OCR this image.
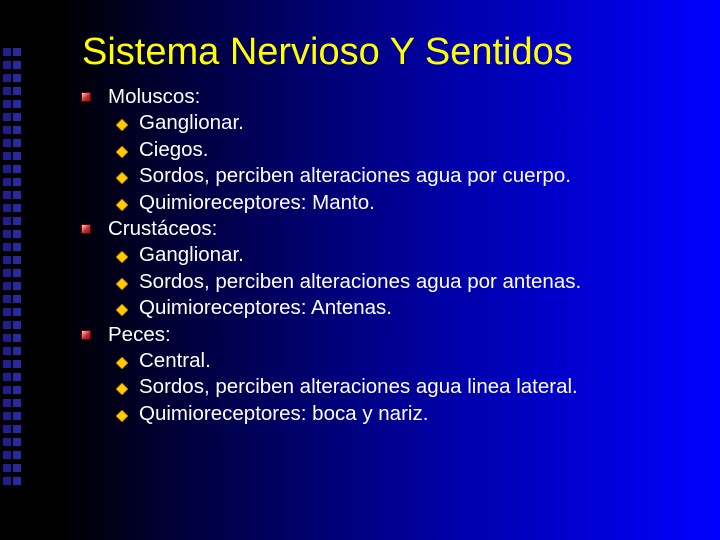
Sistema Nervioso Y Sentidos
Moluscos:
Ganglionar.
Ciegos.
Sordos, perciben alteraciones agua por cuerpo.
Quimioreceptores: Manto.
Crustáceos:
Ganglionar.
Sordos, perciben alteraciones agua por antenas.
Quimioreceptores: Antenas.
Peces:
Central.
Sordos, perciben alteraciones agua linea lateral.
Quimioreceptores: boca y nariz.
